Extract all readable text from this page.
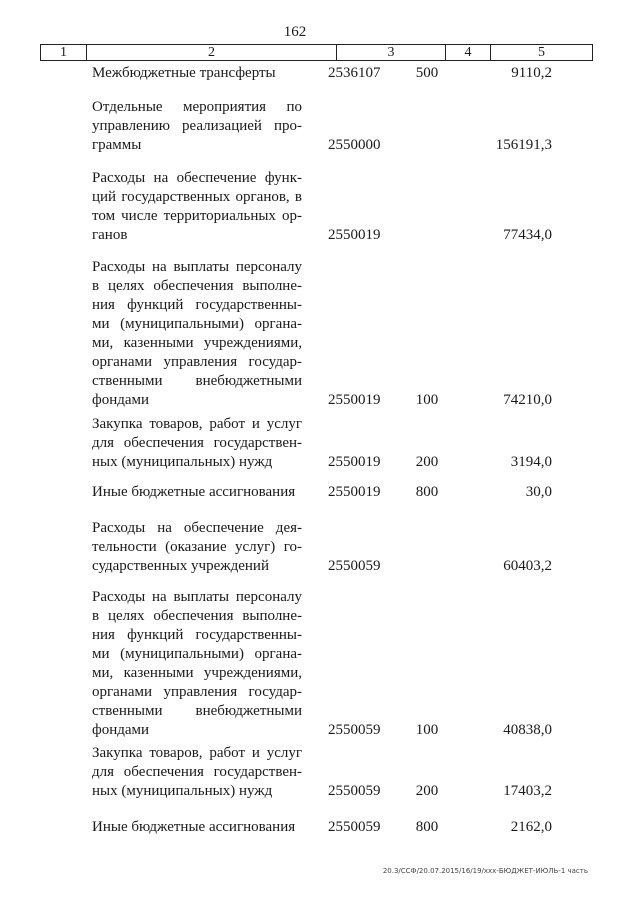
162
1	2	3	4	5
Межбюджетные трансферты	2536107 500	9110,2
Отдельные мероприятия по
управлению реализацией про-
граммы	2550000	156191,3
Расходы на обеспечение функ-
ций государственных органов, в
том числе территориальных ор-
ганов	2550019	77434,0
Расходы на выплаты персоналу
в целях обеспечения выполне-
ния функций государственны-
ми (муниципальными) органа-
ми, казенными учреждениями,
органами управления государ-
ственными внебюджетными
фондами	2550019 100	74210,0
Закупка товаров, работ и услуг
для обеспечения государствен-
ных (муниципальных) нужд	2550019 200	3194,0
Иные бюджетные ассигнования	2550019 800	30,0
Расходы на обеспечение дея-
тельности (оказание услуг) го-
сударственных учреждений	2550059	60403,2
Расходы на выплаты персоналу
в целях обеспечения выполне-
ния функций государственны-
ми (муниципальными) органа-
ми, казенными учреждениями,
органами управления государ-
ственными внебюджетными
фондами	2550059 100	40838,0
Закупка товаров, работ и услуг
для обеспечения государствен-
ных (муниципальных) нужд	2550059 200	17403,2
Иные бюджетные ассигнования	2550059 800	2162,0
20.3/ССФ/20.07.2015/16/19/ххх-БЮДЖЕТ-ИЮЛЬ-1 часть
